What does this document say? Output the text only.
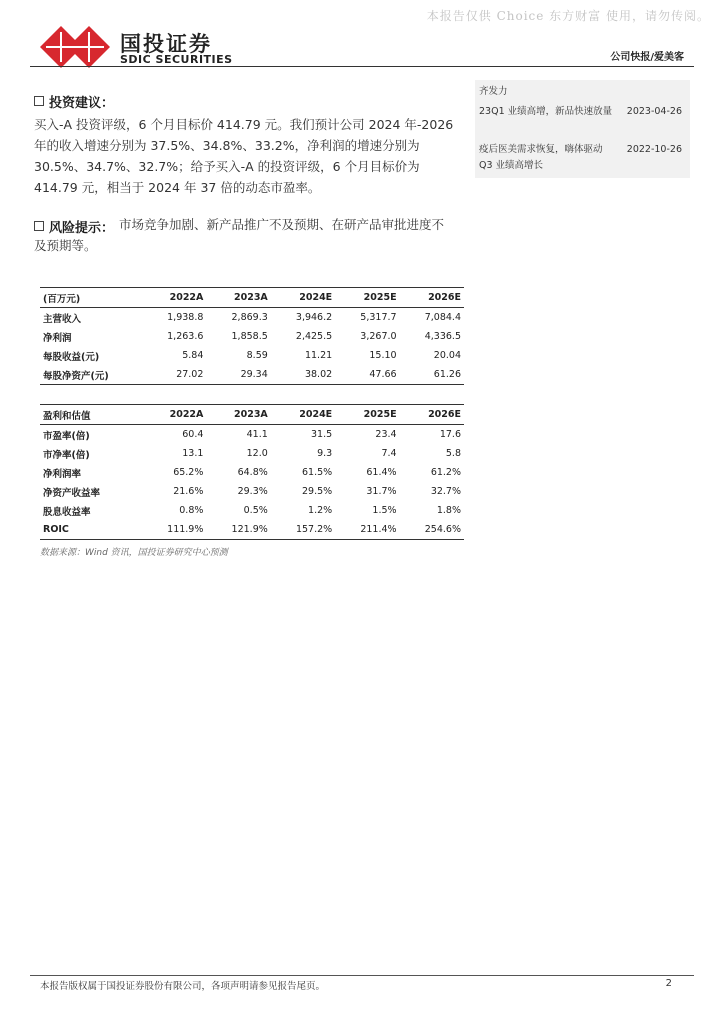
本报告仅供 Choice 东方财富 使用，请勿传阅。
国投证券
SDIC SECURITIES	公司快报/爱美客
投资建议：
买入-A 投资评级，6 个月目标价 414.79 元。我们预计公司 2024 年-2026 年的收入增速分别为 37.5%、34.8%、33.2%，净利润的增速分别为 30.5%、34.7%、32.7%；给予买入-A 的投资评级，6 个月目标价为 414.79 元，相当于 2024 年 37 倍的动态市盈率。
风险提示： 市场竞争加剧、新产品推广不及预期、在研产品审批进度不及预期等。
齐发力
23Q1 业绩高增，新品快速放量	2023-04-26
疫后医美需求恢复，嗨体驱动 Q3 业绩高增长
2022-10-26
(百万元)	2022A	2023A	2024E	2025E	2026E
主营收入	1,938.8	2,869.3	3,946.2	5,317.7	7,084.4
净利润	1,263.6	1,858.5	2,425.5	3,267.0	4,336.5
每股收益(元)	5.84	8.59	11.21	15.10	20.04
每股净资产(元)	27.02	29.34	38.02	47.66	61.26
盈利和估值	2022A	2023A	2024E	2025E	2026E
市盈率(倍)	60.4	41.1	31.5	23.4	17.6
市净率(倍)	13.1	12.0	9.3	7.4	5.8
净利润率	65.2%	64.8%	61.5%	61.4%	61.2%
净资产收益率	21.6%	29.3%	29.5%	31.7%	32.7%
股息收益率	0.8%	0.5%	1.2%	1.5%	1.8%
ROIC	111.9%	121.9%	157.2%	211.4%	254.6%
数据来源：Wind 资讯，国投证券研究中心预测
本报告版权属于国投证券股份有限公司，各项声明请参见报告尾页。	2
